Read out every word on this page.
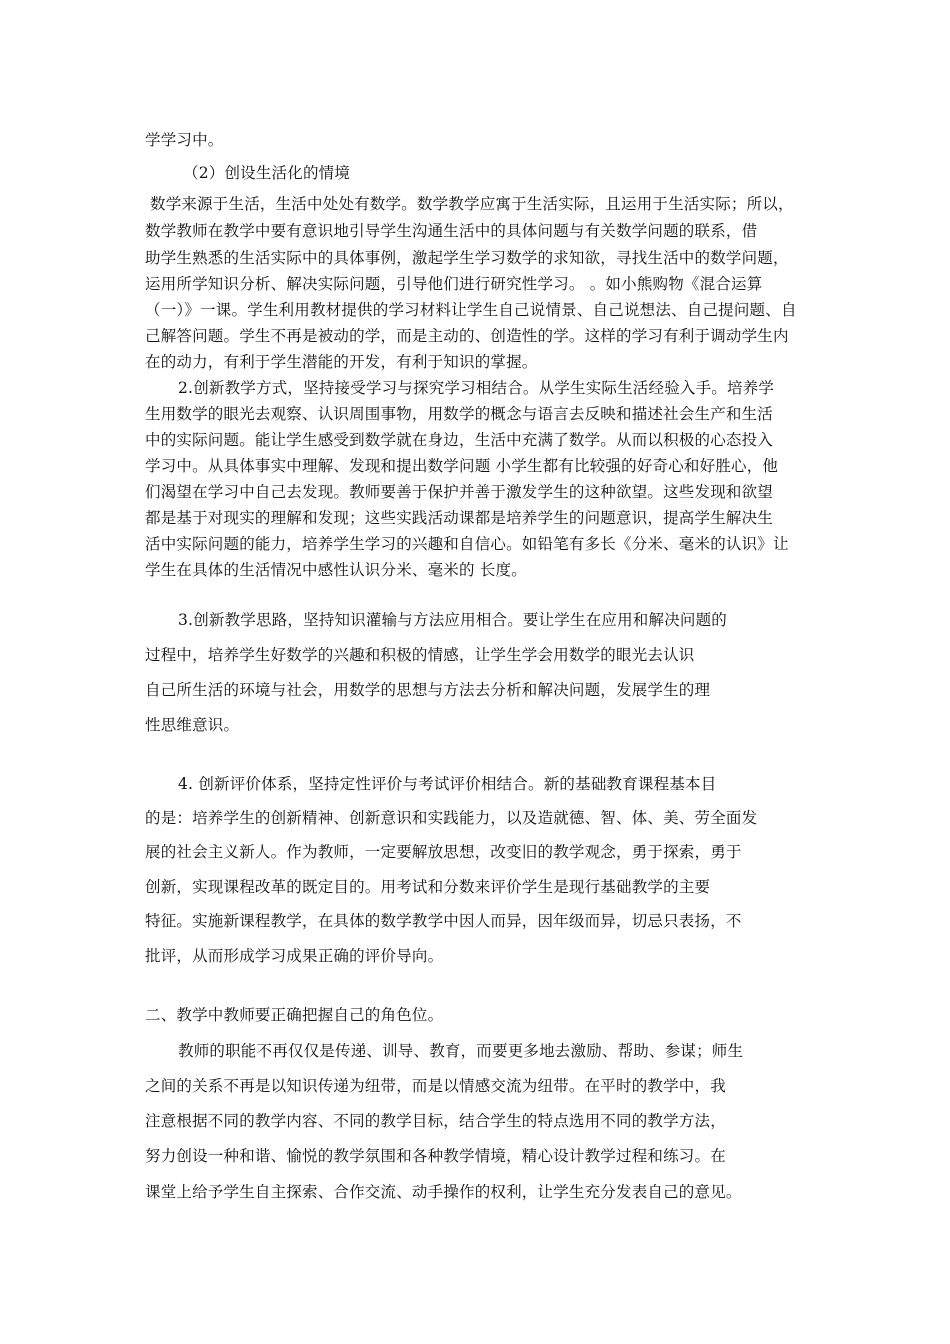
学学习中。
（2）创设生活化的情境
数学来源于生活，生活中处处有数学。数学教学应寓于生活实际，且运用于生活实际；所以，
数学教师在教学中要有意识地引导学生沟通生活中的具体问题与有关数学问题的联系，借
助学生熟悉的生活实际中的具体事例，激起学生学习数学的求知欲，寻找生活中的数学问题，
运用所学知识分析、解决实际问题，引导他们进行研究性学习。 。如小熊购物《混合运算
（一）》一课。学生利用教材提供的学习材料让学生自己说情景、自己说想法、自己提问题、自
己解答问题。学生不再是被动的学，而是主动的、创造性的学。这样的学习有利于调动学生内
在的动力，有利于学生潜能的开发，有利于知识的掌握。
2.创新教学方式，坚持接受学习与探究学习相结合。从学生实际生活经验入手。培养学
生用数学的眼光去观察、认识周围事物，用数学的概念与语言去反映和描述社会生产和生活
中的实际问题。能让学生感受到数学就在身边，生活中充满了数学。从而以积极的心态投入
学习中。从具体事实中理解、发现和提出数学问题 小学生都有比较强的好奇心和好胜心，他
们渴望在学习中自己去发现。教师要善于保护并善于激发学生的这种欲望。这些发现和欲望
都是基于对现实的理解和发现；这些实践活动课都是培养学生的问题意识，提高学生解决生
活中实际问题的能力，培养学生学习的兴趣和自信心。如铅笔有多长《分米、毫米的认识》让
学生在具体的生活情况中感性认识分米、毫米的 长度。
3.创新教学思路，坚持知识灌输与方法应用相合。要让学生在应用和解决问题的
过程中，培养学生好数学的兴趣和积极的情感，让学生学会用数学的眼光去认识
自己所生活的环境与社会，用数学的思想与方法去分析和解决问题，发展学生的理
性思维意识。
4. 创新评价体系，坚持定性评价与考试评价相结合。新的基础教育课程基本目
的是：培养学生的创新精神、创新意识和实践能力，以及造就德、智、体、美、劳全面发
展的社会主义新人。作为教师，一定要解放思想，改变旧的教学观念，勇于探索，勇于
创新，实现课程改革的既定目的。用考试和分数来评价学生是现行基础教学的主要
特征。实施新课程教学，在具体的数学教学中因人而异，因年级而异，切忌只表扬，不
批评，从而形成学习成果正确的评价导向。
二、教学中教师要正确把握自己的角色位。
教师的职能不再仅仅是传递、训导、教育，而要更多地去激励、帮助、参谋；师生
之间的关系不再是以知识传递为纽带，而是以情感交流为纽带。在平时的教学中，我
注意根据不同的教学内容、不同的教学目标，结合学生的特点选用不同的教学方法，
努力创设一种和谐、愉悦的教学氛围和各种教学情境，精心设计教学过程和练习。在
课堂上给予学生自主探索、合作交流、动手操作的权利，让学生充分发表自己的意见。
